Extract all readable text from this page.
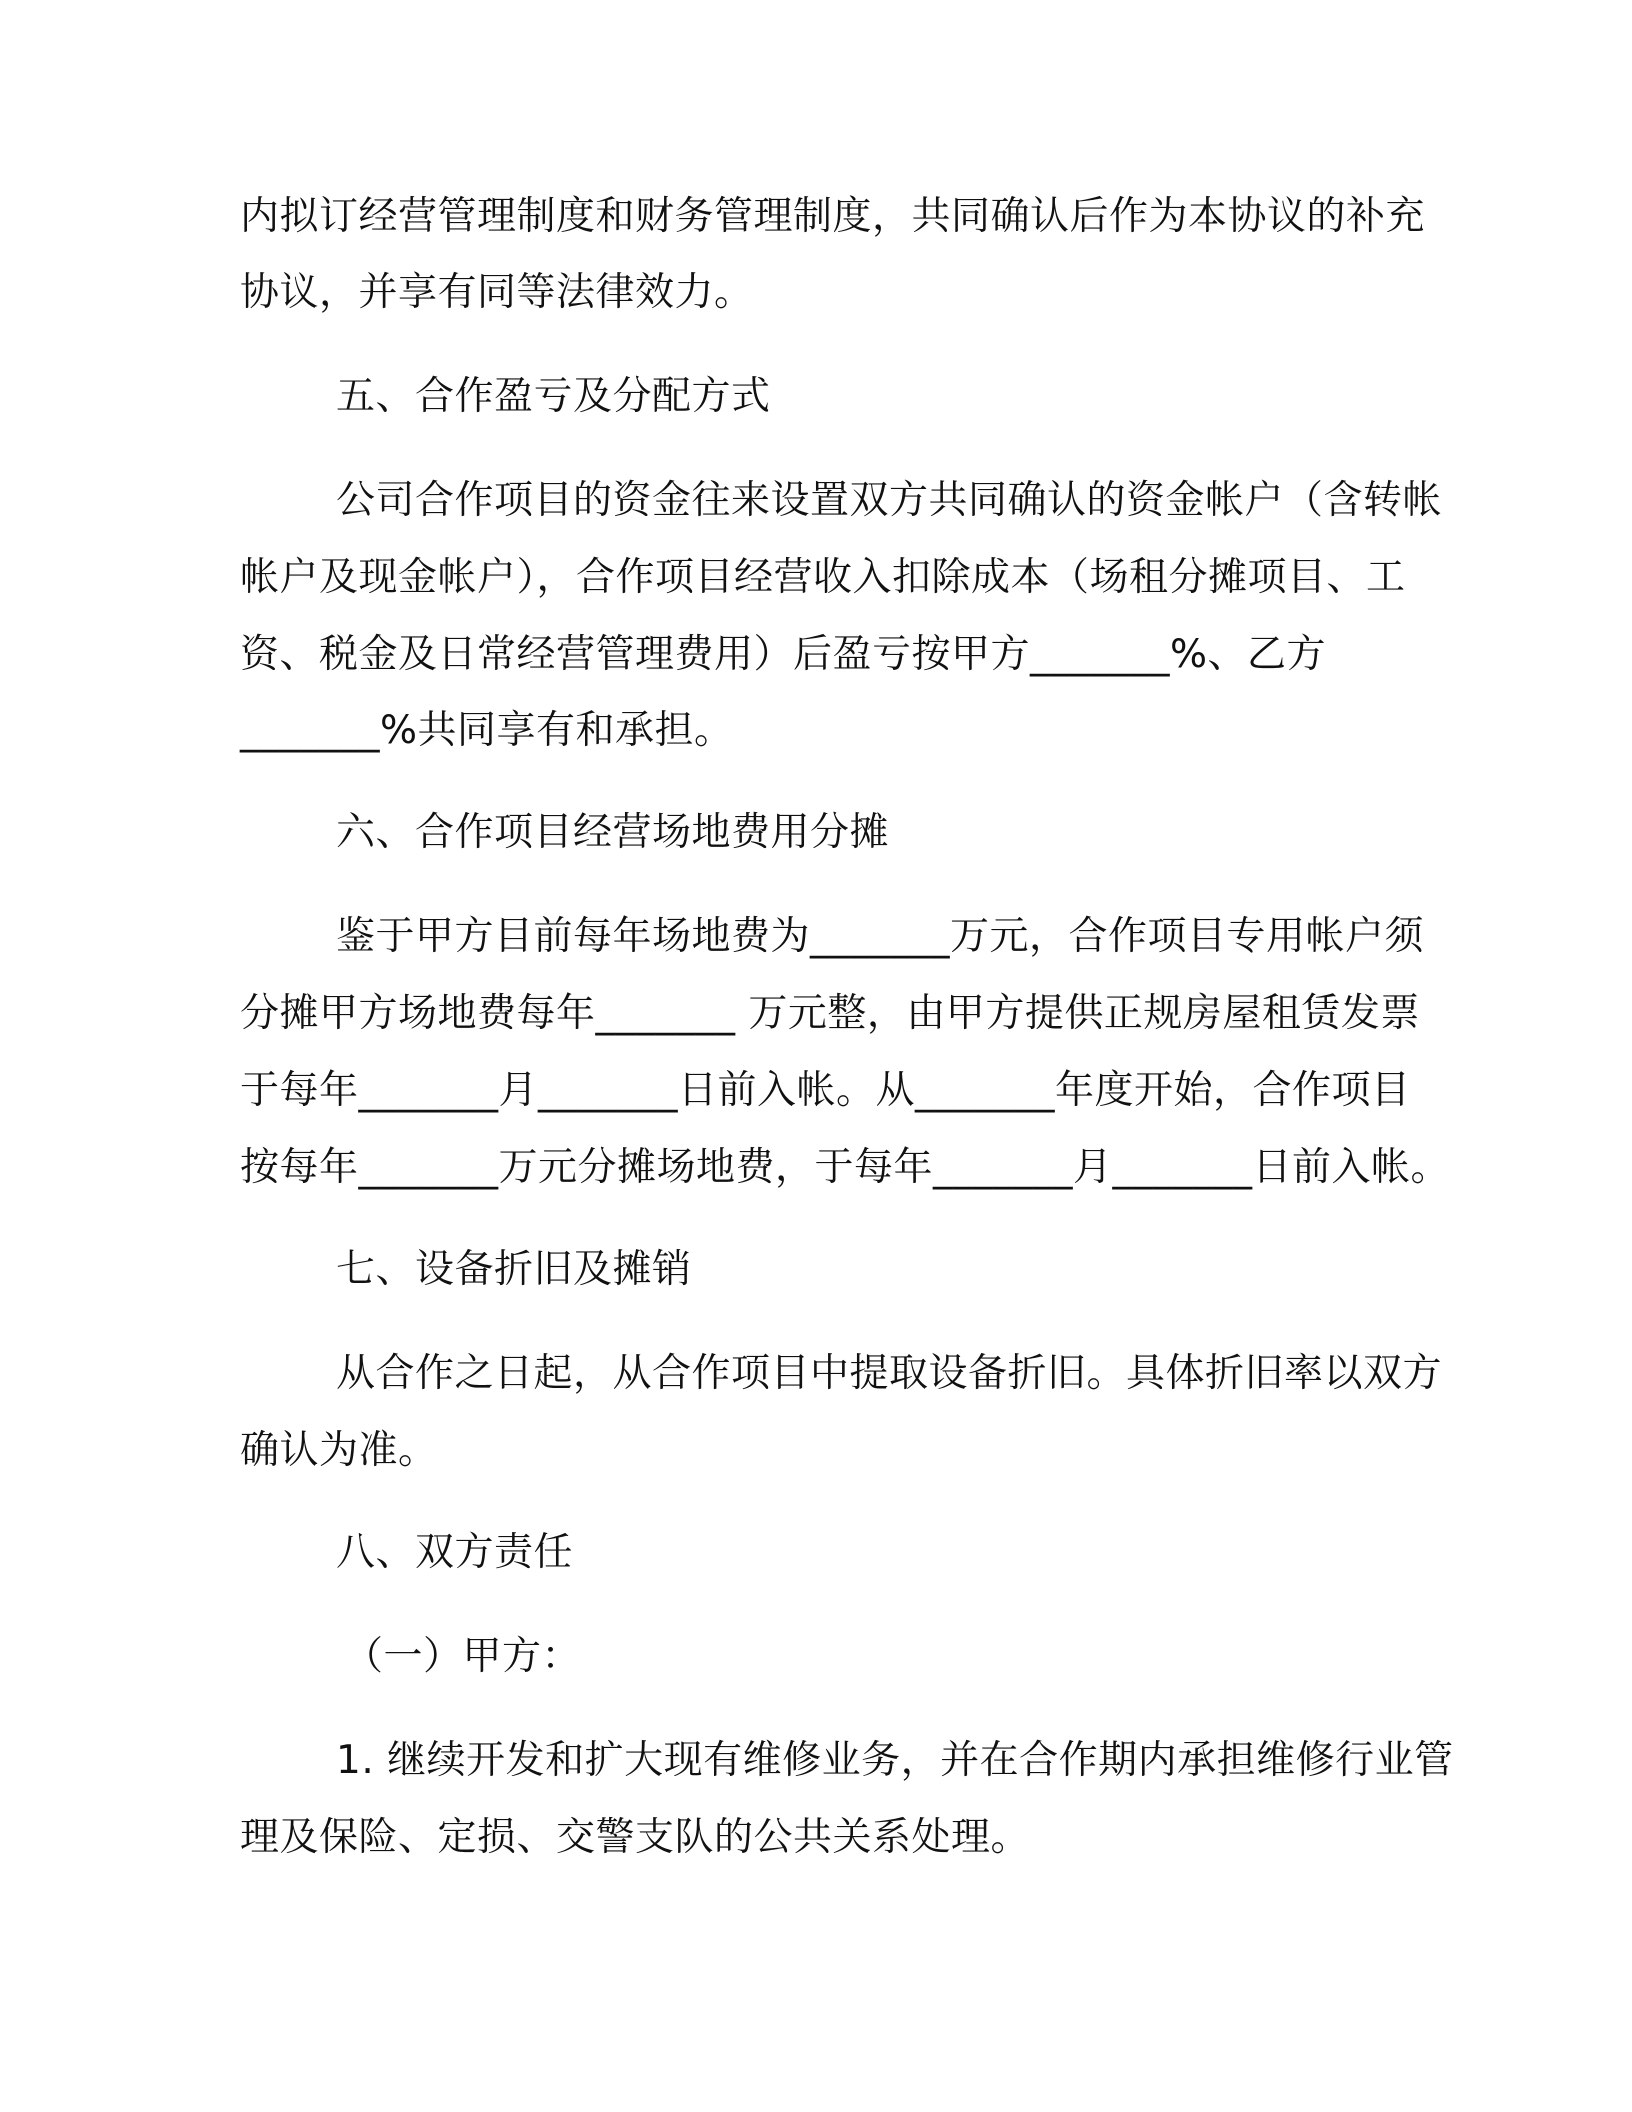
内拟订经营管理制度和财务管理制度，共同确认后作为本协议的补充
协议，并享有同等法律效力。
五、合作盈亏及分配方式
公司合作项目的资金往来设置双方共同确认的资金帐户（含转帐
帐户及现金帐户），合作项目经营收入扣除成本（场租分摊项目、工
资、税金及日常经营管理费用）后盈亏按甲方_______%、乙方
_______%共同享有和承担。
六、合作项目经营场地费用分摊
鉴于甲方目前每年场地费为_______万元，合作项目专用帐户须
分摊甲方场地费每年_______ 万元整，由甲方提供正规房屋租赁发票
于每年_______月_______日前入帐。从_______年度开始，合作项目
按每年_______万元分摊场地费，于每年_______月_______日前入帐。
七、设备折旧及摊销
从合作之日起，从合作项目中提取设备折旧。具体折旧率以双方
确认为准。
八、双方责任
（一）甲方：
1. 继续开发和扩大现有维修业务，并在合作期内承担维修行业管
理及保险、定损、交警支队的公共关系处理。
